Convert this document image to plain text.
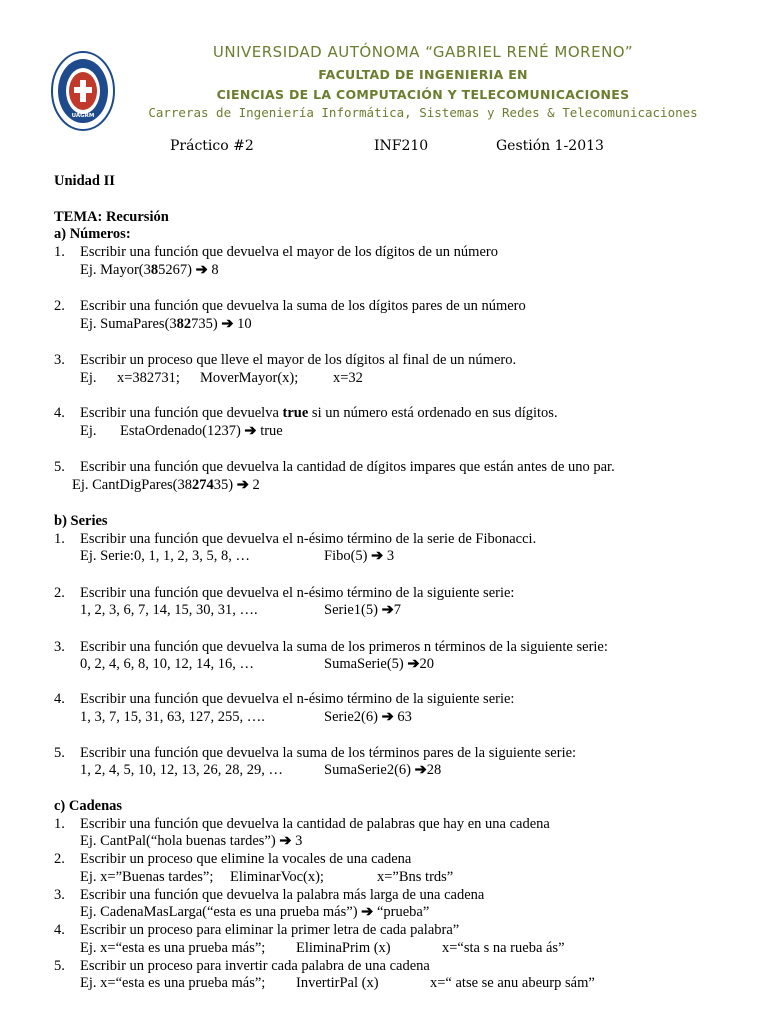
UAGRM
UNIVERSIDAD AUTÓNOMA “GABRIEL RENÉ MORENO”
FACULTAD DE INGENIERIA EN
CIENCIAS DE LA COMPUTACIÓN Y TELECOMUNICACIONES
Carreras de Ingeniería Informática, Sistemas y Redes & Telecomunicaciones
Práctico #2	INF210	Gestión 1-2013
Unidad II
TEMA: Recursión
a) Números:
1. Escribir una función que devuelva el mayor de los dígitos de un número
Ej. Mayor(385267) ➔ 8
2. Escribir una función que devuelva la suma de los dígitos pares de un número
Ej. SumaPares(382735) ➔ 10
3. Escribir un proceso que lleve el mayor de los dígitos al final de un número.
Ej. x=382731; MoverMayor(x); x=32
4. Escribir una función que devuelva true si un número está ordenado en sus dígitos.
Ej. EstaOrdenado(1237) ➔ true
5. Escribir una función que devuelva la cantidad de dígitos impares que están antes de uno par.
Ej. CantDigPares(3827435) ➔ 2
b) Series
1. Escribir una función que devuelva el n-ésimo término de la serie de Fibonacci.
Ej. Serie:0, 1, 1, 2, 3, 5, 8, …	Fibo(5) ➔ 3
2. Escribir una función que devuelva el n-ésimo término de la siguiente serie:
1, 2, 3, 6, 7, 14, 15, 30, 31, ….	Serie1(5) ➔7
3. Escribir una función que devuelva la suma de los primeros n términos de la siguiente serie:
0, 2, 4, 6, 8, 10, 12, 14, 16, …	SumaSerie(5) ➔20
4. Escribir una función que devuelva el n-ésimo término de la siguiente serie:
1, 3, 7, 15, 31, 63, 127, 255, ….	Serie2(6) ➔ 63
5. Escribir una función que devuelva la suma de los términos pares de la siguiente serie:
1, 2, 4, 5, 10, 12, 13, 26, 28, 29, …	SumaSerie2(6) ➔28
c) Cadenas
1. Escribir una función que devuelva la cantidad de palabras que hay en una cadena
Ej. CantPal(“hola buenas tardes”) ➔ 3
2. Escribir un proceso que elimine la vocales de una cadena
Ej. x=”Buenas tardes”; EliminarVoc(x);	x=”Bns trds”
3. Escribir una función que devuelva la palabra más larga de una cadena
Ej. CadenaMasLarga(“esta es una prueba más”) ➔ “prueba”
4. Escribir un proceso para eliminar la primer letra de cada palabra”
Ej. x=“esta es una prueba más”; EliminaPrim (x)	x=“sta s na rueba ás”
5. Escribir un proceso para invertir cada palabra de una cadena
Ej. x=“esta es una prueba más”; InvertirPal (x)	x=“ atse se anu abeurp sám”
